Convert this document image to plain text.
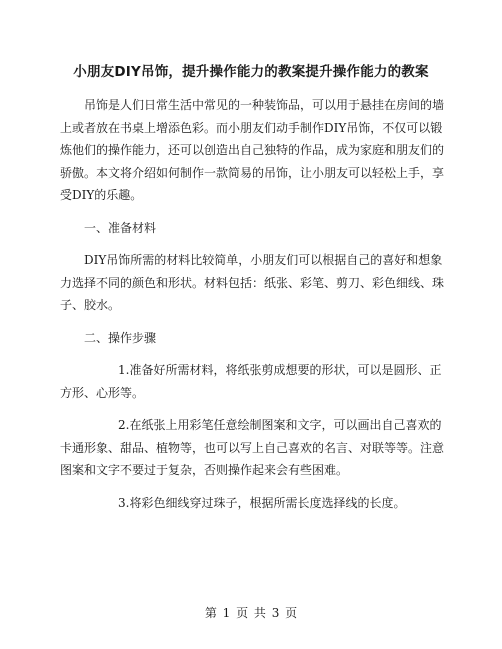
小朋友DIY吊饰，提升操作能力的教案提升操作能力的教案

吊饰是人们日常生活中常见的一种装饰品，可以用于悬挂在房间的墙上或者放在书桌上增添色彩。而小朋友们动手制作DIY吊饰，不仅可以锻炼他们的操作能力，还可以创造出自己独特的作品，成为家庭和朋友们的骄傲。本文将介绍如何制作一款简易的吊饰，让小朋友可以轻松上手，享受DIY的乐趣。

一、准备材料

DIY吊饰所需的材料比较简单，小朋友们可以根据自己的喜好和想象力选择不同的颜色和形状。材料包括：纸张、彩笔、剪刀、彩色细线、珠子、胶水。

二、操作步骤

1.准备好所需材料，将纸张剪成想要的形状，可以是圆形、正方形、心形等。

2.在纸张上用彩笔任意绘制图案和文字，可以画出自己喜欢的卡通形象、甜品、植物等，也可以写上自己喜欢的名言、对联等等。注意图案和文字不要过于复杂，否则操作起来会有些困难。

3.将彩色细线穿过珠子，根据所需长度选择线的长度。

第 1 页 共 3 页
